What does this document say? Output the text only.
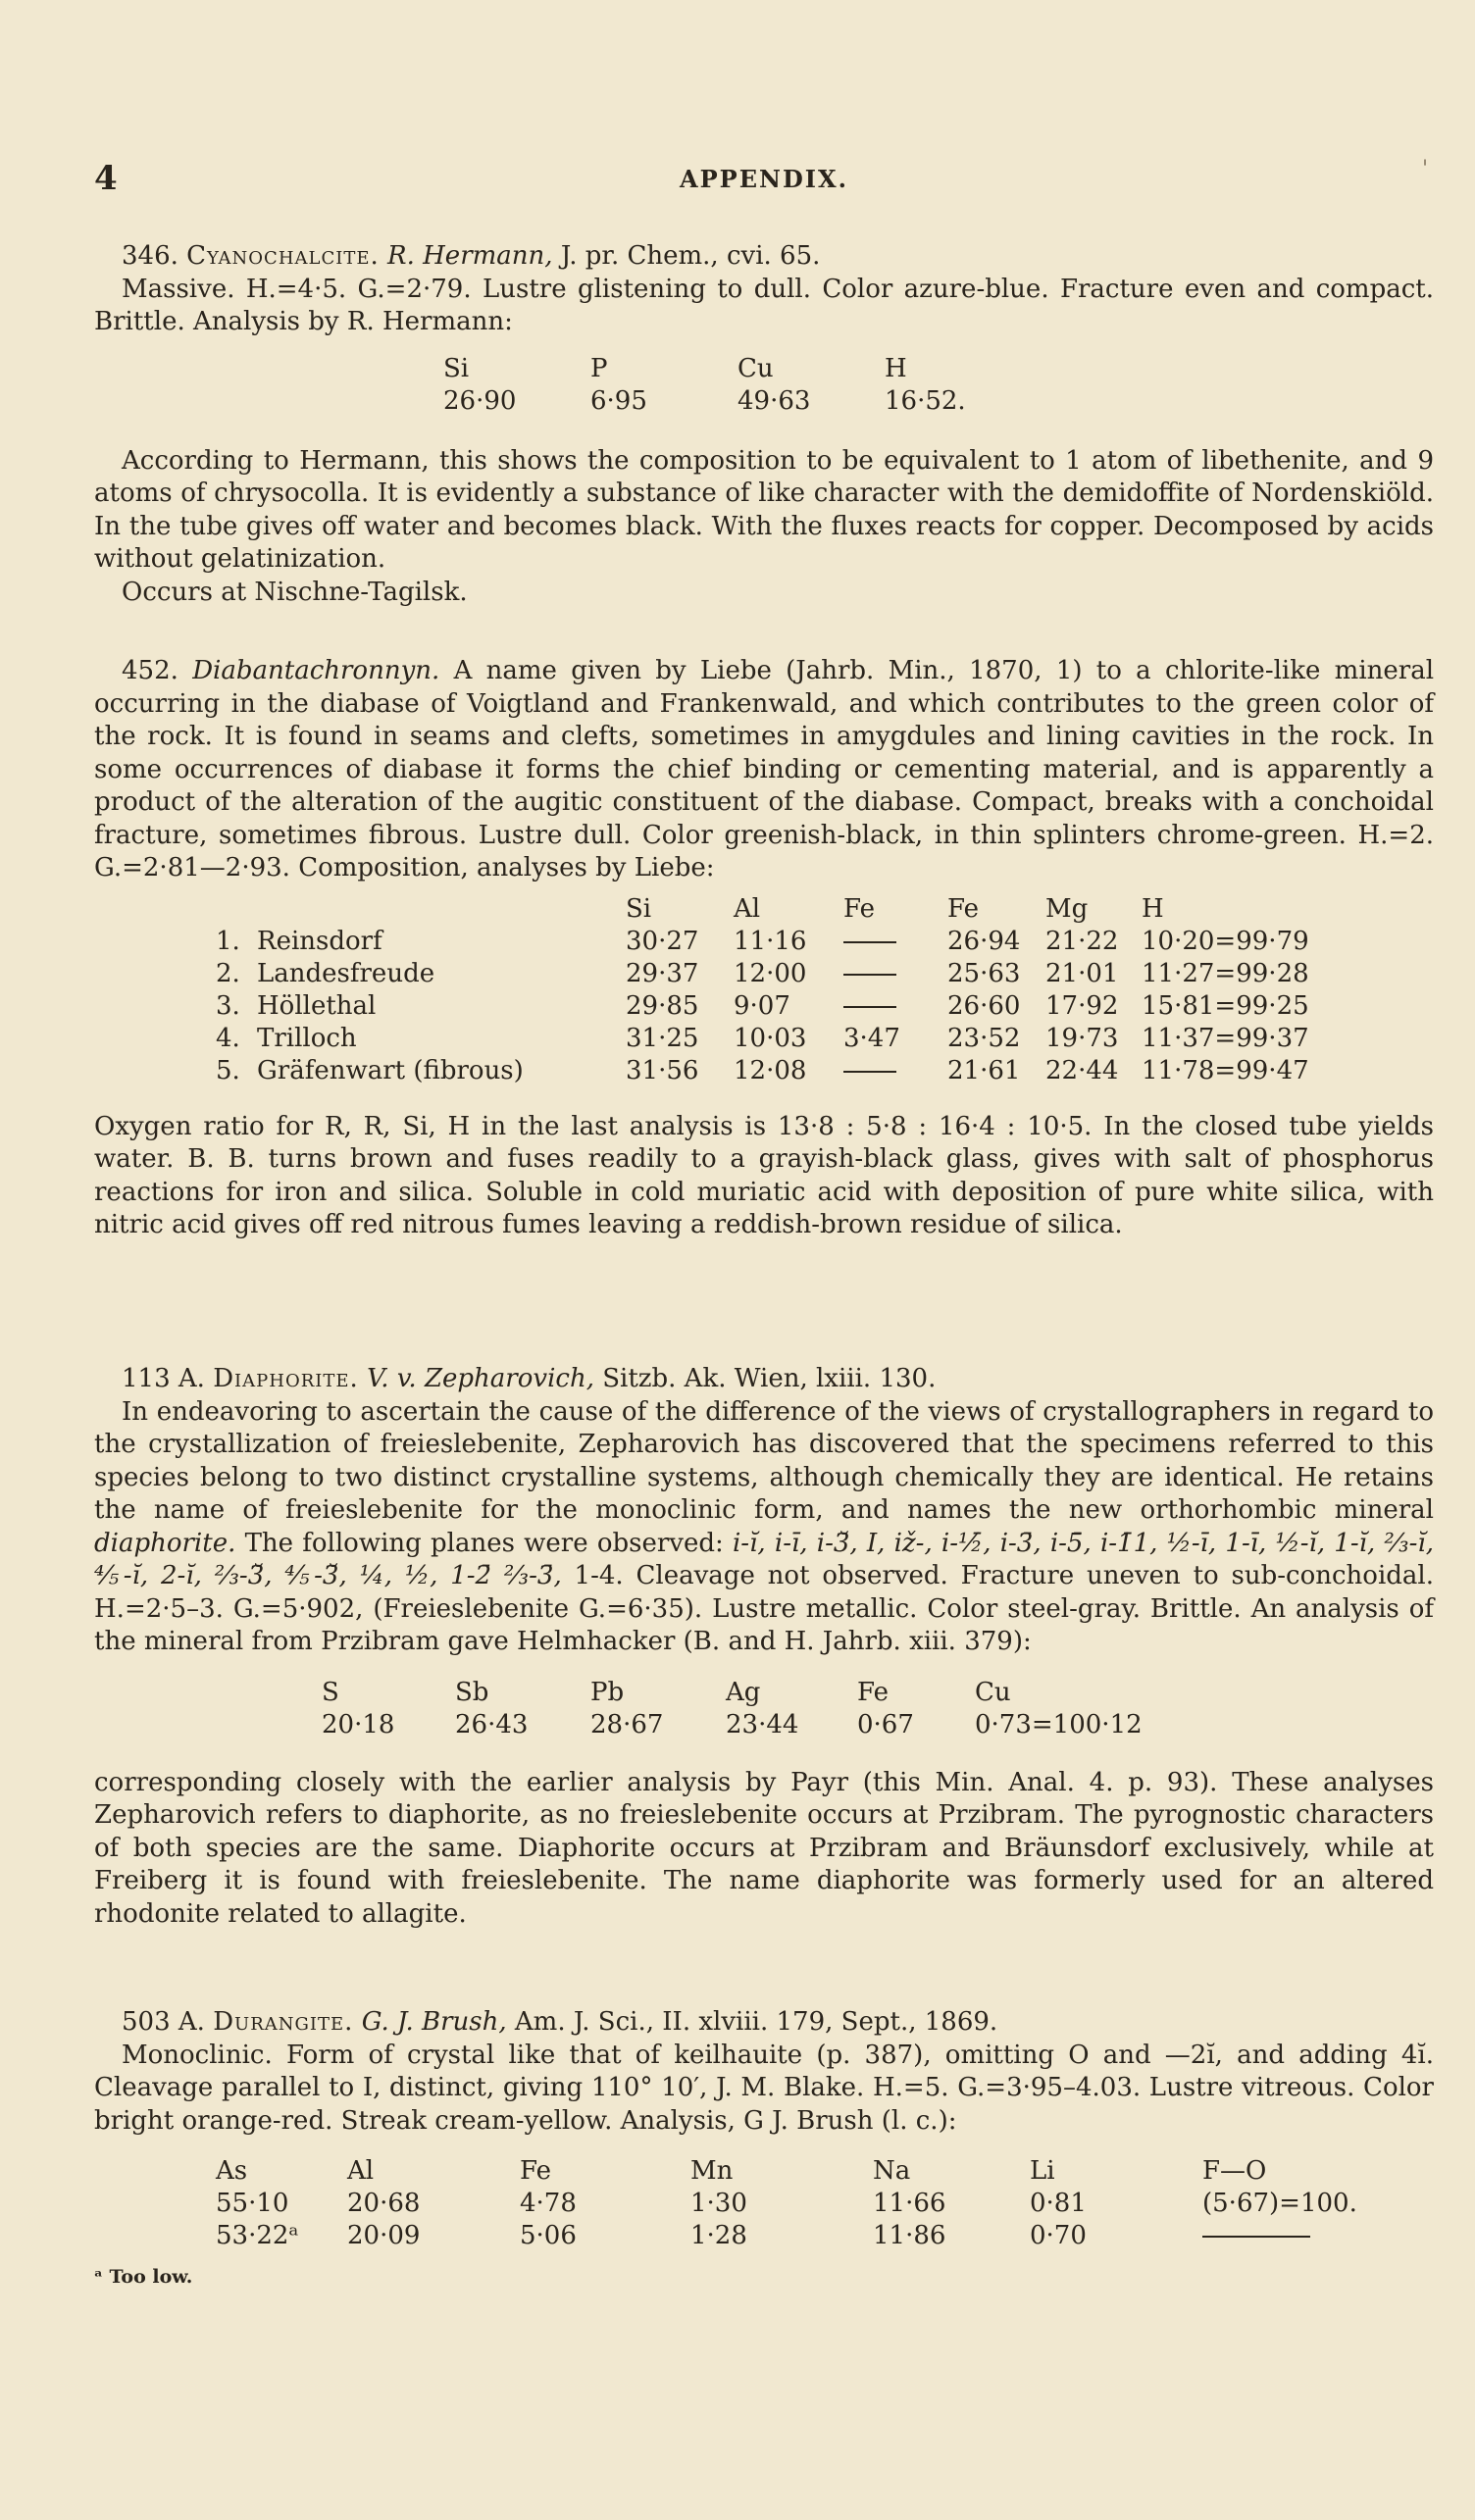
4	APPENDIX.	'

346. Cyanochalcite. R. Hermann, J. pr. Chem., cvi. 65.

Massive. H.=4·5. G.=2·79. Lustre glistening to dull. Color azure-blue. Fracture even and compact. Brittle. Analysis by R. Hermann:

Si	P	Cu	H
26·90	6·95	49·63	16·52.

According to Hermann, this shows the composition to be equivalent to 1 atom of libethenite, and 9 atoms of chrysocolla. It is evidently a substance of like character with the demidoffite of Nordenskiöld. In the tube gives off water and becomes black. With the fluxes reacts for copper. Decomposed by acids without gelatinization.

Occurs at Nischne-Tagilsk.

452. Diabantachronnyn. A name given by Liebe (Jahrb. Min., 1870, 1) to a chlorite-like mineral occurring in the diabase of Voigtland and Frankenwald, and which contributes to the green color of the rock. It is found in seams and clefts, sometimes in amygdules and lining cavities in the rock. In some occurrences of diabase it forms the chief binding or cementing material, and is apparently a product of the alteration of the augitic constituent of the diabase. Compact, breaks with a conchoidal fracture, sometimes fibrous. Lustre dull. Color greenish-black, in thin splinters chrome-green. H.=2. G.=2·81—2·93. Composition, analyses by Liebe:

		Si	Al	Fe	Fe	Mg	H
1.	Reinsdorf	30·27	11·16		26·94	21·22	10·20=99·79
2.	Landesfreude	29·37	12·00		25·63	21·01	11·27=99·28
3.	Höllethal	29·85	9·07		26·60	17·92	15·81=99·25
4.	Trilloch	31·25	10·03	3·47	23·52	19·73	11·37=99·37
5.	Gräfenwart (fibrous)	31·56	12·08		21·61	22·44	11·78=99·47

Oxygen ratio for R, R, Si, H in the last analysis is 13·8 : 5·8 : 16·4 : 10·5. In the closed tube yields water. B. B. turns brown and fuses readily to a grayish-black glass, gives with salt of phosphorus reactions for iron and silica. Soluble in cold muriatic acid with deposition of pure white silica, with nitric acid gives off red nitrous fumes leaving a reddish-brown residue of silica.

113 A. Diaphorite. V. v. Zepharovich, Sitzb. Ak. Wien, lxiii. 130.

In endeavoring to ascertain the cause of the difference of the views of crystallographers in regard to the crystallization of freieslebenite, Zepharovich has discovered that the specimens referred to this species belong to two distinct crystalline systems, although chemically they are identical. He retains the name of freieslebenite for the monoclinic form, and names the new orthorhombic mineral diaphorite. The following planes were observed: i-ĭ, i-ī, i-3̆, I, iž-, i-½̄, i-3̄, i-5̄, i-1̄1, ½-ī, 1-ī, ½-ĭ, 1-ĭ, ⅔-ĭ, ⅘-ĭ, 2-ĭ, ⅔-3̆, ⅘-3̆, ¼, ½, 1-2̄ ⅔-3̄, 1-4. Cleavage not observed. Fracture uneven to sub-conchoidal. H.=2·5–3. G.=5·902, (Freieslebenite G.=6·35). Lustre metallic. Color steel-gray. Brittle. An analysis of the mineral from Przibram gave Helmhacker (B. and H. Jahrb. xiii. 379):

S	Sb	Pb	Ag	Fe	Cu
20·18	26·43	28·67	23·44	0·67	0·73=100·12

corresponding closely with the earlier analysis by Payr (this Min. Anal. 4. p. 93). These analyses Zepharovich refers to diaphorite, as no freieslebenite occurs at Przibram. The pyrognostic characters of both species are the same. Diaphorite occurs at Przibram and Bräunsdorf exclusively, while at Freiberg it is found with freieslebenite. The name diaphorite was formerly used for an altered rhodonite related to allagite.

503 A. Durangite. G. J. Brush, Am. J. Sci., II. xlviii. 179, Sept., 1869.

Monoclinic. Form of crystal like that of keilhauite (p. 387), omitting O and —2ĭ, and adding 4ĭ. Cleavage parallel to I, distinct, giving 110° 10′, J. M. Blake. H.=5. G.=3·95–4.03. Lustre vitreous. Color bright orange-red. Streak cream-yellow. Analysis, G J. Brush (l. c.):

As	Al	Fe	Mn	Na	Li	F—O
55·10	20·68	4·78	1·30	11·66	0·81	(5·67)=100.
53·22ᵃ	20·09	5·06	1·28	11·86	0·70	
ᵃ Too low.
